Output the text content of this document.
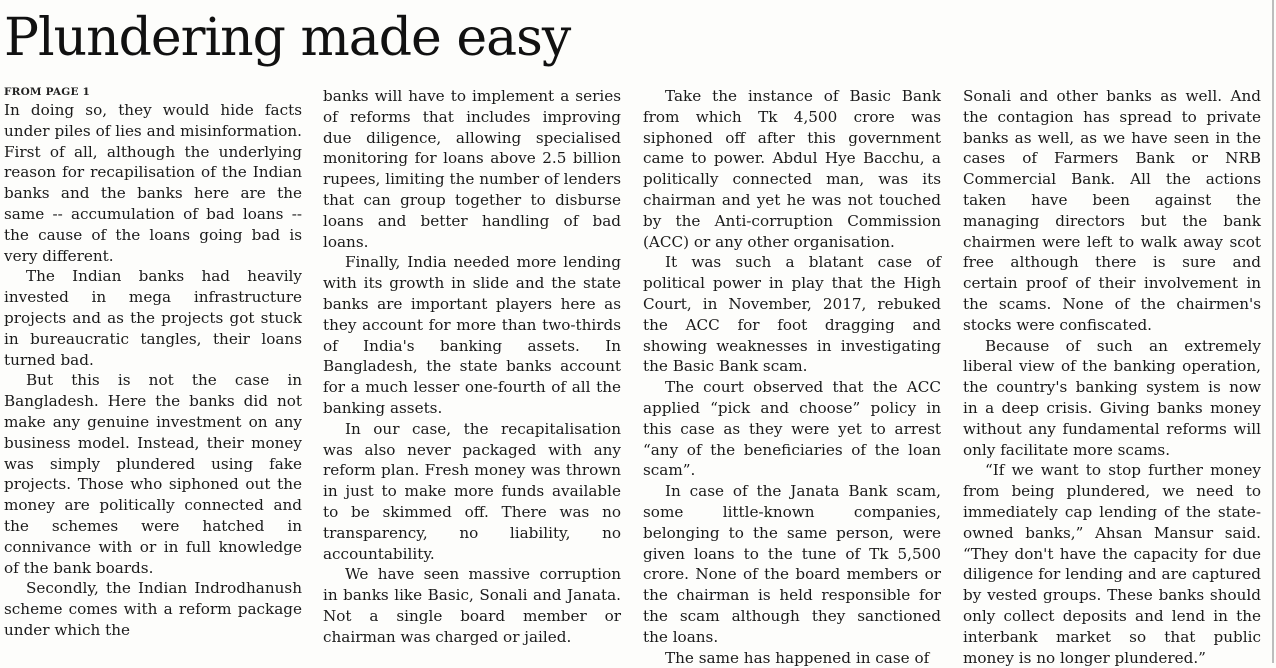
Plundering made easy
FROM PAGE 1

In doing so, they would hide facts under piles of lies and misinformation. First of all, although the underlying reason for recapilisation of the Indian banks and the banks here are the same -- accumulation of bad loans -- the cause of the loans going bad is very different.

The Indian banks had heavily invested in mega infrastructure projects and as the projects got stuck in bureaucratic tangles, their loans turned bad.

But this is not the case in Bangladesh. Here the banks did not make any genuine investment on any business model. Instead, their money was simply plundered using fake projects. Those who siphoned out the money are politically connected and the schemes were hatched in connivance with or in full knowledge of the bank boards.

Secondly, the Indian Indrodhanush scheme comes with a reform package under which the

banks will have to implement a series of reforms that includes improving due diligence, allowing specialised monitoring for loans above 2.5 billion rupees, limiting the number of lenders that can group together to disburse loans and better handling of bad loans.

Finally, India needed more lending with its growth in slide and the state banks are important players here as they account for more than two-thirds of India's banking assets. In Bangladesh, the state banks account for a much lesser one-fourth of all the banking assets.

In our case, the recapitalisation was also never packaged with any reform plan. Fresh money was thrown in just to make more funds available to be skimmed off. There was no transparency, no liability, no accountability.

We have seen massive corruption in banks like Basic, Sonali and Janata. Not a single board member or chairman was charged or jailed.

Take the instance of Basic Bank from which Tk 4,500 crore was siphoned off after this government came to power. Abdul Hye Bacchu, a politically connected man, was its chairman and yet he was not touched by the Anti-corruption Commission (ACC) or any other organisation.

It was such a blatant case of political power in play that the High Court, in November, 2017, rebuked the ACC for foot dragging and showing weaknesses in investigating the Basic Bank scam.

The court observed that the ACC applied “pick and choose” policy in this case as they were yet to arrest “any of the beneficiaries of the loan scam”.

In case of the Janata Bank scam, some little-known companies, belonging to the same person, were given loans to the tune of Tk 5,500 crore. None of the board members or the chairman is held responsible for the scam although they sanctioned the loans.

The same has happened in case of

Sonali and other banks as well. And the contagion has spread to private banks as well, as we have seen in the cases of Farmers Bank or NRB Commercial Bank. All the actions taken have been against the managing directors but the bank chairmen were left to walk away scot free although there is sure and certain proof of their involvement in the scams. None of the chairmen's stocks were confiscated.

Because of such an extremely liberal view of the banking operation, the country's banking system is now in a deep crisis. Giving banks money without any fundamental reforms will only facilitate more scams.

“If we want to stop further money from being plundered, we need to immediately cap lending of the state-owned banks,” Ahsan Mansur said. “They don't have the capacity for due diligence for lending and are captured by vested groups. These banks should only collect deposits and lend in the interbank market so that public money is no longer plundered.”
